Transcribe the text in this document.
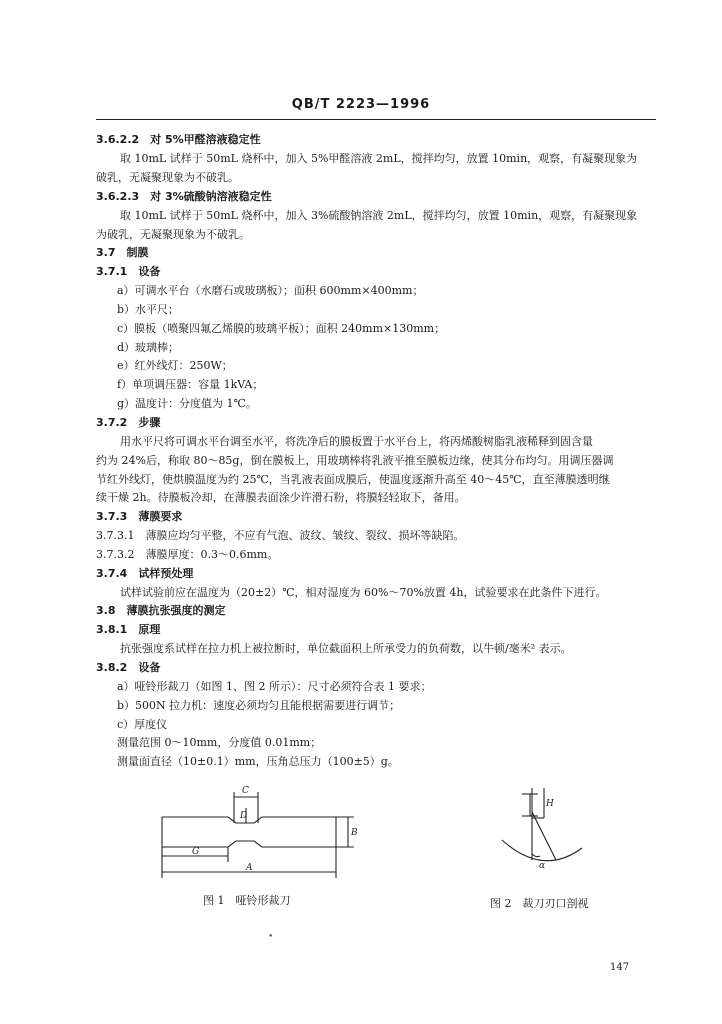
QB/T 2223—1996
3.6.2.2　对 5%甲醛溶液稳定性
取 10mL 试样于 50mL 烧杯中，加入 5%甲醛溶液 2mL，搅拌均匀，放置 10min，观察，有凝聚现象为
破乳，无凝聚现象为不破乳。
3.6.2.3　对 3%硫酸钠溶液稳定性
取 10mL 试样于 50mL 烧杯中，加入 3%硫酸钠溶液 2mL，搅拌均匀，放置 10min，观察，有凝聚现象
为破乳，无凝聚现象为不破乳。
3.7　制膜
3.7.1　设备
a）可调水平台（水磨石或玻璃板）；面积 600mm×400mm；
b）水平尺；
c）膜板（喷聚四氟乙烯膜的玻璃平板）；面积 240mm×130mm；
d）玻璃棒；
e）红外线灯：250W；
f）单项调压器：容量 1kVA；
g）温度计：分度值为 1℃。
3.7.2　步骤
用水平尺将可调水平台调至水平，将洗净后的膜板置于水平台上，将丙烯酸树脂乳液稀释到固含量
约为 24%后，称取 80～85g，倒在膜板上，用玻璃棒将乳液平推至膜板边缘，使其分布均匀。用调压器调
节红外线灯，使烘膜温度为约 25℃，当乳液表面成膜后，使温度逐渐升高至 40～45℃，直至薄膜透明继
续干燥 2h。待膜板冷却，在薄膜表面涂少许滑石粉，将膜轻轻取下，备用。
3.7.3　薄膜要求
3.7.3.1　薄膜应均匀平整，不应有气泡、波纹、皱纹、裂纹、损坏等缺陷。
3.7.3.2　薄膜厚度：0.3～0.6mm。
3.7.4　试样预处理
试样试验前应在温度为（20±2）℃，相对湿度为 60%～70%放置 4h，试验要求在此条件下进行。
3.8　薄膜抗张强度的测定
3.8.1　原理
抗张强度系试样在拉力机上被拉断时，单位截面积上所承受力的负荷数，以牛顿/毫米² 表示。
3.8.2　设备
a）哑铃形裁刀（如图 1、图 2 所示）：尺寸必须符合表 1 要求；
b）500N 拉力机：速度必须均匀且能根据需要进行调节；
c）厚度仪
测量范围 0～10mm，分度值 0.01mm；
测量面直径（10±0.1）mm，压角总压力（100±5）g。
C
D
B
G
A
图 1　哑铃形裁刀
H
α
图 2　裁刀刃口剖视
•
147
